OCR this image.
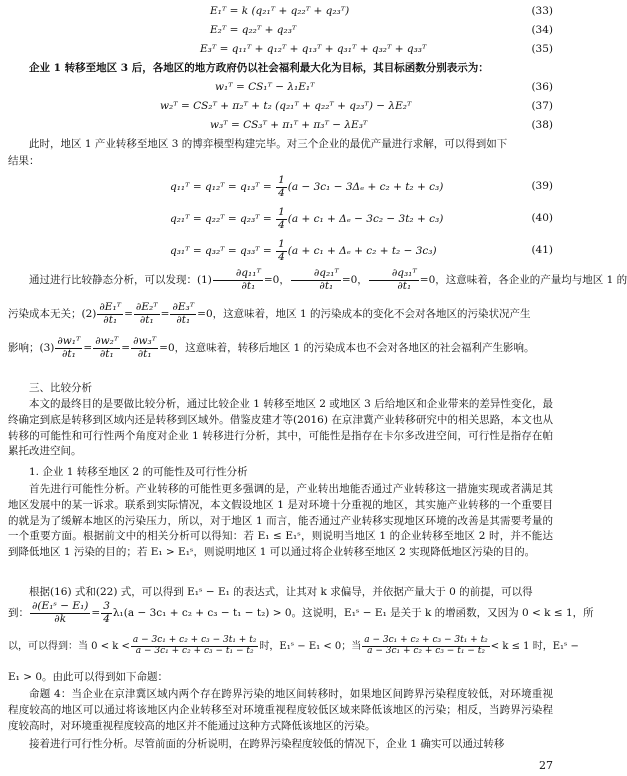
E₁ᵀ = k (q₂₁ᵀ + q₂₂ᵀ + q₂₃ᵀ)	(33)
E₂ᵀ = q₂₂ᵀ + q₂₃ᵀ	(34)
E₃ᵀ = q₁₁ᵀ + q₁₂ᵀ + q₁₃ᵀ + q₃₁ᵀ + q₃₂ᵀ + q₃₃ᵀ	(35)
企业 1 转移至地区 3 后，各地区的地方政府仍以社会福利最大化为目标，其目标函数分别表示为：
w₁ᵀ = CS₁ᵀ − λ₁E₁ᵀ	(36)
w₂ᵀ = CS₂ᵀ + π₂ᵀ + t₂ (q₂₁ᵀ + q₂₂ᵀ + q₂₃ᵀ) − λE₂ᵀ	(37)
w₃ᵀ = CS₃ᵀ + π₁ᵀ + π₃ᵀ − λE₃ᵀ	(38)
此时，地区 1 产业转移至地区 3 的博弈模型构建完毕。对三个企业的最优产量进行求解，可以得到如下
结果：
q₁₁ᵀ = q₁₂ᵀ = q₁₃ᵀ = $\frac{1}{4} (a - 3c_1 - 3\Delta_e + c_2 + t_2 + c_3)$	(39)
q₂₁ᵀ = q₂₂ᵀ = q₂₃ᵀ = $\frac{1}{4} (a + c_1 + \Delta_e - 3c_2 - 3t_2 + c_3)$	(40)
q₃₁ᵀ = q₃₂ᵀ = q₃₃ᵀ = $\frac{1}{4} (a + c_1 + \Delta_e + c_2 + t_2 - 3c_3)$	(41)
通过进行比较静态分析，可以发现：$(1) \frac{\text{∂q₁₁ᵀ}}{\text{∂t₁}} =0$， $\frac{\text{∂q₂₁ᵀ}}{\text{∂t₁}} =0$， $\frac{\text{∂q₃₁ᵀ}}{\text{∂t₁}} =0$，这意味着，各企业的产量均与地区 1 的
污染成本无关；$(2) \frac{\text{∂E₁ᵀ}}{\text{∂t₁}} = \frac{\text{∂E₂ᵀ}}{\text{∂t₁}} = \frac{\text{∂E₃ᵀ}}{\text{∂t₁}} =0$，这意味着，地区 1 的污染成本的变化不会对各地区的污染状况产生
影响；$(3) \frac{\text{∂w₁ᵀ}}{\text{∂t₁}} = \frac{\text{∂w₂ᵀ}}{\text{∂t₁}} = \frac{\text{∂w₃ᵀ}}{\text{∂t₁}} =0$，这意味着，转移后地区 1 的污染成本也不会对各地区的社会福利产生影响。
三、比较分析
本文的最终目的是要做比较分析，通过比较企业 1 转移至地区 2 或地区 3 后给地区和企业带来的差异性变化，最终确定到底是转移到区域内还是转移到区域外。借鉴皮建才等(2016) 在京津冀产业转移研究中的相关思路，本文也从转移的可能性和可行性两个角度对企业 1 转移进行分析，其中，可能性是指存在卡尔多改进空间，可行性是指存在帕累托改进空间。
1. 企业 1 转移至地区 2 的可能性及可行性分析
首先进行可能性分析。产业转移的可能性更多强调的是，产业转出地能否通过产业转移这一措施实现或者满足其地区发展中的某一诉求。联系到实际情况，本文假设地区 1 是对环境十分重视的地区，其实施产业转移的一个重要目的就是为了缓解本地区的污染压力，所以，对于地区 1 而言，能否通过产业转移实现地区环境的改善是其需要考量的一个重要方面。根据前文中的相关分析可以得知：若 E₁ ≤ E₁ˢ，则说明当地区 1 的企业转移至地区 2 时，并不能达到降低地区 1 污染的目的；若 E₁ > E₁ˢ，则说明地区 1 可以通过将企业转移至地区 2 实现降低地区污染的目的。
根据(16) 式和(22) 式，可以得到 E₁ˢ − E₁ 的表达式，让其对 k 求偏导，并依据产量大于 0 的前提，可以得
到： $\frac{\text{∂(E₁ˢ − E₁)}}{\partial k} = \frac{3}{4} \lambda_1(a - 3c_1 + c_2 + c_3 - t_1 - t_2) > 0$。这说明，E₁ˢ − E₁ 是关于 k 的增函数，又因为 0 < k ≤ 1，所
以，可以得到：当 $0 < k < \frac{\text{a − 3c₁ + c₂ + c₃ − 3t₁ + t₂}}{\text{a − 3c₁ + c₂ + c₃ − t₁ − t₂}}$ 时，E₁ˢ − E₁ < 0；当 $\frac{\text{a − 3c₁ + c₂ + c₃ − 3t₁ + t₂}}{\text{a − 3c₁ + c₂ + c₃ − t₁ − t₂}} < k \le 1$ 时，E₁ˢ −
E₁ > 0。由此可以得到如下命题：
命题 4：当企业在京津冀区域内两个存在跨界污染的地区间转移时，如果地区间跨界污染程度较低，对环境重视程度较高的地区可以通过将该地区内企业转移至对环境重视程度较低区域来降低该地区的污染；相反，当跨界污染程度较高时，对环境重视程度较高的地区并不能通过这种方式降低该地区的污染。
接着进行可行性分析。尽管前面的分析说明，在跨界污染程度较低的情况下，企业 1 确实可以通过转移
27
